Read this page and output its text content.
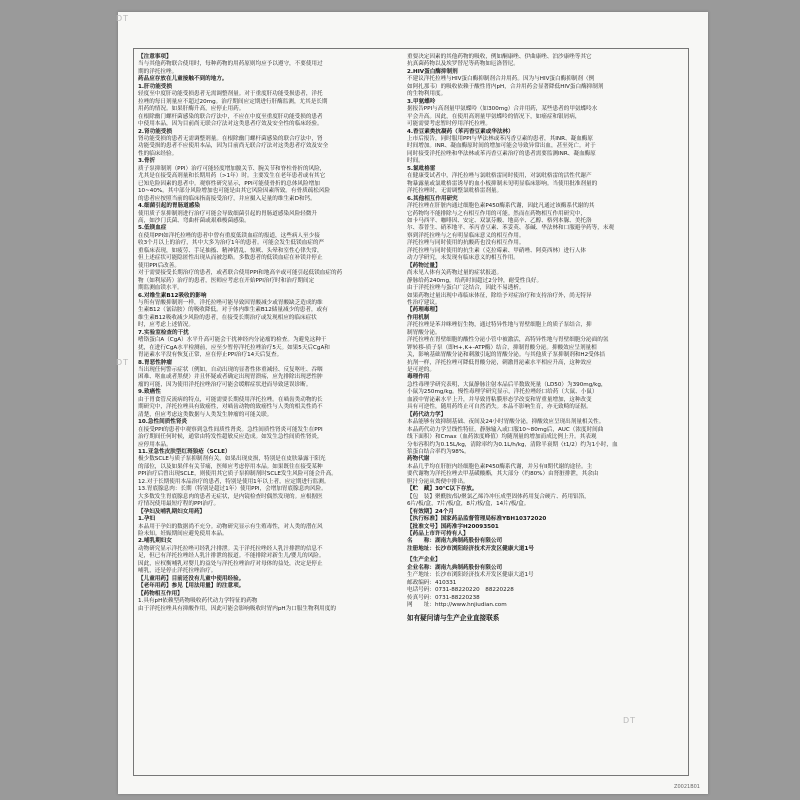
DT
DT
DT

【注意事项】

当与其他药物联合使用时，每种药物的用药原则均应予以遵守，不要使用过

期的洋托拉唑。

药品应存放在儿童接触不到的地方。

1.肝功能受损

轻度至中度肝功能受损患者无需调整剂量。对于重度肝功能受损患者，洋托

拉唑的每日剂量应不超过20mg。治疗期间应定期进行肝酶监测，尤其是长期

用药的情况。如果肝酶升高，应停止用药。

在根除幽门螺杆菌感染的联合疗法中，不应在中度至重度肝功能受损的患者

中使用本品，因为目前尚无联合疗法对这类患者疗效及安全性的临床经验。

2.肾功能受损

肾功能受损的患者无需调整剂量。在根除幽门螺杆菌感染的联合疗法中，肾

功能受损的患者不应使用本品，因为目前尚无联合疗法对这类患者疗效及安全

性的临床经验。

3.骨折

质子泵抑制剂（PPI）治疗可能轻度增加髋关节、腕关节和脊柱骨折的风险，

尤其是在接受高剂量和长期用药（>1年）时。主要发生在老年患者或有其它

已知危险因素的患者中。观察性研究显示，PPI可能使骨折的总体风险增加

10~40%。其中部分风险增加也可能是由其它风险因素所致。有骨质疏松风险

的患者应按照当前的临床指南接受治疗，并应摄入足量的维生素D和钙。

4.细菌引起的胃肠道感染

使用质子泵抑制剂进行治疗可能会导致细菌引起的胃肠道感染风险轻微升

高，如沙门氏菌、弯曲杆菌或艰难梭菌感染。

5.低镁血症

在使用PPI如洋托拉唑的患者中曾有重度低镁血症的报道，这些病人至少接

收3个月以上的治疗，其中大多为治疗1年的患者。可能会发生低镁血症的严

重临床表现，如疲劳、手足抽搐、精神错乱、惊厥、头晕和室性心律失常，

但上述症状可能隐匿性出现从而被忽略。多数患者的低镁血症在补镁并停止

使用PPI后改善。

对于需要接受长期治疗的患者，或者联合使用PPI和地高辛或可能引起低镁血症的药

物（如利尿药）治疗的患者，医师应考虑在开始PPI治疗时和治疗期间定

期监测血镁水平。

6.对维生素B12吸收的影响

与所有胃酸抑制剂一样，洋托拉唑可能导致因胃酸减少或胃酸缺乏造成的维

生素B12（氰钴胺）的吸收降低。对于体内维生素B12储量减少的患者，或有

维生素B12吸收减少风险的患者，在接受长期治疗或发现相应的临床症状

时，应考虑上述情况。

7.实验室检查的干扰

嗜铬蛋白A（CgA）水平升高可能会干扰神经内分泌瘤的检查。为避免这种干

扰，在进行CgA水平检测前，应至少暂停洋托拉唑治疗5天。如果5天后CgA和

胃泌素水平没有恢复正常，应在停止PPI治疗14天后复查。

8.胃恶性肿瘤

当出现任何警示症状（例如，自动出现的显著性体重减轻、反复呕吐、吞咽

困难、呕血或者黑便）并且怀疑或者确定出现胃溃疡，应先排除出现恶性肿

瘤的可能，因为使用洋托拉唑治疗可能会缓解症状进而导致延误诊断。

9.致癌性

由于胃食管反流病的特点，可能需要长期使用洋托拉唑。在啮齿类动物的长

期研究中，洋托拉唑具有致癌性，对啮齿动物的致癌性与人类的相关性尚不

清楚，但应考虑这类数据与人类发生肿瘤的可能关联。

10.急性间质性肾炎

在接受PPI的患者中观察到急性间质性肾炎。急性间质性肾炎可能发生在PPI

治疗期间任何时候，通常由特发性超敏反应造成。如发生急性间质性肾炎，

应停用本品。

11.亚急性皮肤型红斑狼疮（SCLE）

极少数SCLE与质子泵抑制剂有关。如果出现皮损，特别是在皮肤暴露于阳光

的部位，以及如果伴有关节痛，医师应考虑停用本品。如果既往在接受某种

PPI治疗后曾出现SCLE，则使用其它质子泵抑制剂时SCLE发生风险可能会升高。

12.对于长期使用本品治疗的患者，特别是使用1年以上者，应定期进行监测。

13.胃底腺息肉：长期（特别是超过1年）使用PPI，会增加胃底腺息肉风险。

大多数发生胃底腺息肉的患者无症状，是内镜检查时偶然发现的。应根据医

疗情况使用最短疗程的PPI治疗。

【孕妇及哺乳期妇女用药】

1.孕妇

本品用于孕妇的数据尚不充分。动物研究显示有生殖毒性，对人类的潜在风

险未知。妊娠期间应避免使用本品。

2.哺乳期妇女

动物研究显示洋托拉唑可经乳汁排泄。关于洋托拉唑经人乳汁排泄的信息不

足，但已有洋托拉唑经人乳汁排泄的报道。不能排除对新生儿/婴儿的风险。

因此，应权衡哺乳对婴儿的益处与洋托拉唑治疗对母体的益处，决定是停止

哺乳，还是停止洋托拉唑治疗。

【儿童用药】目前还没有儿童中使用经验。

【老年用药】参见【用法用量】的注意项。

【药物相互作用】

1.具有pH依赖型药物吸收药代动力学特征的药物

由于洋托拉唑具有抑酸作用，因此可能会影响吸收时胃内pH为口服生物利用度的

重要决定因素的其他药物的吸收，例如酮康唑、伊曲康唑、泊沙康唑等其它

抗真菌药物以及埃罗替尼等药物如厄洛替尼。

2.HIV蛋白酶抑制剂

不建议洋托拉唑与HIV蛋白酶抑制剂合并用药。因为与HIV蛋白酶抑制剂（例

如阿扎那韦）的吸收依赖于酸性胃内pH，合并用药会显著降低HIV蛋白酶抑制剂

的生物利用度。

3.甲氨蝶呤

据报告PPI与高剂量甲氨蝶呤（如300mg）合并用药，某些患者的甲氨蝶呤水

平会升高。因此，在使用高剂量甲氨蝶呤的情况下，如癌症和银屑病，

可能需要考虑暂时停用洋托拉唑。

4.香豆素类抗凝药（苯丙香豆素或华法林）

上市后报告，同时服用PPI与华法林或苯丙香豆素的患者，其INR、凝血酶原

时间增加。INR、凝血酶原时间的增加可能会导致异常出血，甚至死亡。对于

同时接受洋托拉唑和华法林或苯丙香豆素治疗的患者需要监测INR、凝血酶原

时间。

5.氯吡格雷

在健康受试者中，洋托拉唑与氯吡格雷同时使用，对氯吡格雷的活性代谢产

物暴露量或氯吡格雷诱导的血小板抑制未见明显临床影响。当使用批准剂量的

洋托拉唑时，无需调整氯吡格雷剂量。

6.其他相互作用研究

洋托拉唑在肝脏内通过细胞色素P450酶系代谢，因此凡通过该酶系代谢的其

它药物均不能排除与之有相互作用的可能。然而在药物相互作用研究中，

如卡马西平、咖啡因、安定、双氯芬酸、地高辛、乙醇、格列本脲、美托洛

尔、萘普生、硝苯地平、苯丙香豆素、苯妥英、茶碱、华法林和口服避孕药等，未观

察到洋托拉唑与之有明显临床意义的相互作用。

洋托拉唑与同时使用的抗酸药也没有相互作用。

洋托拉唑与同时使用的抗生素（克拉霉素、甲硝唑、阿莫西林）进行人体

动力学研究，未发现有临床意义的相互作用。

【药物过量】

尚未见人体有关药物过量的症状报道。

静脉给药240mg，给药时间超过2分钟，耐受性良好。

由于洋托拉唑与蛋白广泛结合，因此不易透析。

如果药物过量出现中毒临床体征，除给予对症治疗和支持治疗外，尚无特异

性治疗建议。

【药理毒理】

作用机制

洋托拉唑是苯并咪唑衍生物，通过特异性地与胃壁细胞上的质子泵结合，抑

制胃酸分泌。

洋托拉唑在胃壁细胞的酸性分泌小管中被激活，高特异性地与胃壁细胞分泌面的氢

钾转移-质子泵（即H+,K+-ATP酶）结合，抑制胃酸分泌。抑酸效应呈剂量相

关，影响基础胃酸分泌和刺激引起的胃酸分泌。与其他质子泵抑制剂和H2受体拮

抗剂一样，洋托拉唑可降低胃酸分泌，刺激胃泌素水平相应升高，这种效应

是可逆的。

毒理作用

急性毒理学研究表明，大鼠静脉注射本品后半数致死量（LD50）为390mg/kg，

小鼠为250mg/kg。慢性毒理学研究显示，洋托拉唑经口给药（大鼠、小鼠）

血液中胃泌素水平上升，并导致胃粘膜形态学改变和胃重量增加，这种改变

具有可逆性，随用药终止可自然消失。本品不影响生育，亦无致畸的证据。

【药代动力学】

本品能够有效抑制基础、夜间及24小时胃酸分泌，抑酸效应呈现出剂量相关性。

本品药代动力学呈线性特征，静脉输入或口服10~80mg后，AUC（浓度时间曲

线下面积）和Cmax（血药浓度峰值）均随剂量的增加而成比例上升。其表观

分布容积约为0.15L/kg，清除率约为0.1L/h/kg，清除半衰期（t1/2）约为1小时，血

浆蛋白结合率约为98%。

药物代谢

本品几乎均在肝脏内经细胞色素P450酶系代谢，并另有II期代谢的途径。主

要代谢物为洋托拉唑去甲基磺酸酯，其大部分（约80%）由肾脏排泄，其余由

胆汁分泌从粪便中排出。

【贮　藏】30℃以下存放。

【包　装】聚酰胺/铝/聚氯乙烯冷冲压成型固体药用复合硬片、药用铝箔，

6片/板/盒，7片/板/盒，8片/板/盒，14片/板/盒。

【有效期】24个月

【执行标准】国家药品监督管理局标准YBH10372020

【批准文号】国药准字H20093501

【药品上市许可持有人】

名　　称：湖南九典制药股份有限公司

注册地址：长沙市浏阳经济技术开发区健康大道1号

【生产企业】

企业名称：湖南九典制药股份有限公司

生产地址：长沙市浏阳经济技术开发区健康大道1号

邮政编码：410331

电话号码：0731-88220220　88220228

传真号码：0731-88220238

网　　址：http://www.hnjiudian.com

如有疑问请与生产企业直接联系

Z0021B01
